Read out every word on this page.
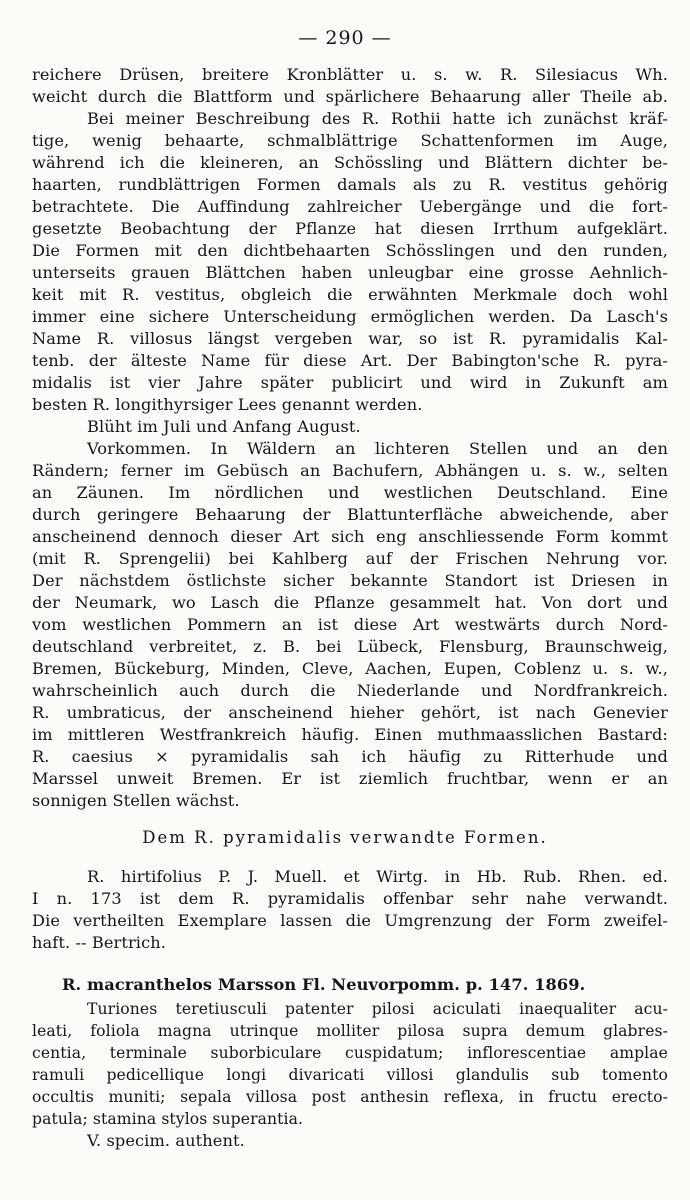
— 290 —
reichere Drüsen, breitere Kronblätter u. s. w. R. Silesiacus Wh.
weicht durch die Blattform und spärlichere Behaarung aller Theile ab.
Bei meiner Beschreibung des R. Rothii hatte ich zunächst kräf-
tige, wenig behaarte, schmalblättrige Schattenformen im Auge,
während ich die kleineren, an Schössling und Blättern dichter be-
haarten, rundblättrigen Formen damals als zu R. vestitus gehörig
betrachtete. Die Auffindung zahlreicher Uebergänge und die fort-
gesetzte Beobachtung der Pflanze hat diesen Irrthum aufgeklärt.
Die Formen mit den dichtbehaarten Schösslingen und den runden,
unterseits grauen Blättchen haben unleugbar eine grosse Aehnlich-
keit mit R. vestitus, obgleich die erwähnten Merkmale doch wohl
immer eine sichere Unterscheidung ermöglichen werden. Da Lasch's
Name R. villosus längst vergeben war, so ist R. pyramidalis Kal-
tenb. der älteste Name für diese Art. Der Babington'sche R. pyra-
midalis ist vier Jahre später publicirt und wird in Zukunft am
besten R. longithyrsiger Lees genannt werden.
Blüht im Juli und Anfang August.
Vorkommen. In Wäldern an lichteren Stellen und an den
Rändern; ferner im Gebüsch an Bachufern, Abhängen u. s. w., selten
an Zäunen. Im nördlichen und westlichen Deutschland. Eine
durch geringere Behaarung der Blattunterfläche abweichende, aber
anscheinend dennoch dieser Art sich eng anschliessende Form kommt
(mit R. Sprengelii) bei Kahlberg auf der Frischen Nehrung vor.
Der nächstdem östlichste sicher bekannte Standort ist Driesen in
der Neumark, wo Lasch die Pflanze gesammelt hat. Von dort und
vom westlichen Pommern an ist diese Art westwärts durch Nord-
deutschland verbreitet, z. B. bei Lübeck, Flensburg, Braunschweig,
Bremen, Bückeburg, Minden, Cleve, Aachen, Eupen, Coblenz u. s. w.,
wahrscheinlich auch durch die Niederlande und Nordfrankreich.
R. umbraticus, der anscheinend hieher gehört, ist nach Genevier
im mittleren Westfrankreich häufig. Einen muthmaasslichen Bastard:
R. caesius × pyramidalis sah ich häufig zu Ritterhude und
Marssel unweit Bremen. Er ist ziemlich fruchtbar, wenn er an
sonnigen Stellen wächst.
Dem R. pyramidalis verwandte Formen.
R. hirtifolius P. J. Muell. et Wirtg. in Hb. Rub. Rhen. ed.
I n. 173 ist dem R. pyramidalis offenbar sehr nahe verwandt.
Die vertheilten Exemplare lassen die Umgrenzung der Form zweifel-
haft. -- Bertrich.
R. macranthelos Marsson Fl. Neuvorpomm. p. 147. 1869.
Turiones teretiusculi patenter pilosi aciculati inaequaliter acu-
leati, foliola magna utrinque molliter pilosa supra demum glabres-
centia, terminale suborbiculare cuspidatum; inflorescentiae amplae
ramuli pedicellique longi divaricati villosi glandulis sub tomento
occultis muniti; sepala villosa post anthesin reflexa, in fructu erecto-
patula; stamina stylos superantia.
V. specim. authent.
